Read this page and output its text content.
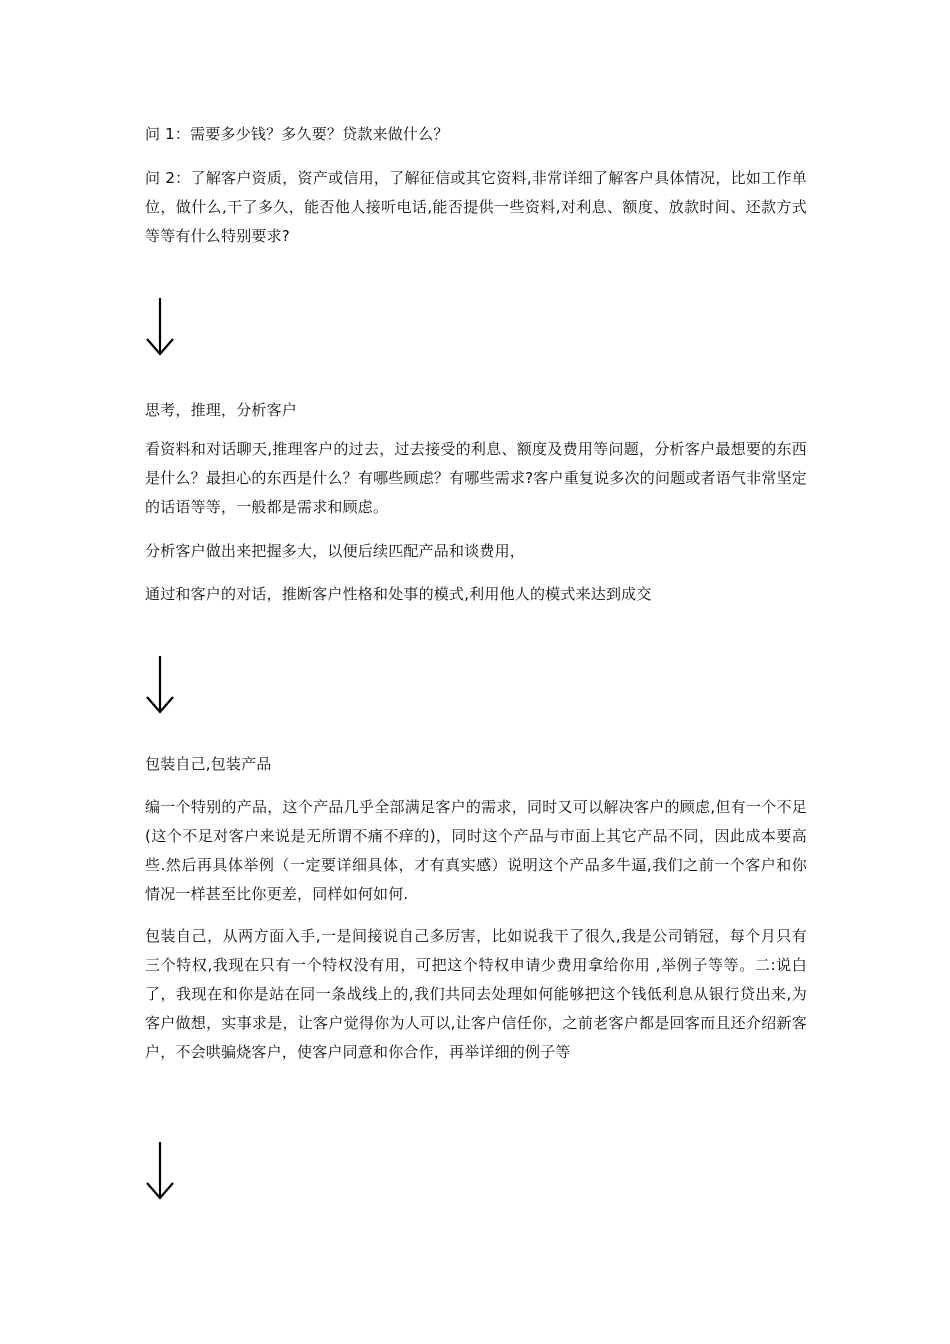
问 1：需要多少钱？多久要？贷款来做什么？

问 2：了解客户资质，资产或信用，了解征信或其它资料,非常详细了解客户具体情况，比如工作单位，做什么,干了多久，能否他人接听电话,能否提供一些资料,对利息、额度、放款时间、还款方式等等有什么特别要求?

思考，推理，分析客户

看资料和对话聊天,推理客户的过去，过去接受的利息、额度及费用等问题，分析客户最想要的东西是什么？最担心的东西是什么？有哪些顾虑？有哪些需求?客户重复说多次的问题或者语气非常坚定的话语等等，一般都是需求和顾虑。

分析客户做出来把握多大，以便后续匹配产品和谈费用，

通过和客户的对话，推断客户性格和处事的模式,利用他人的模式来达到成交

包装自己,包装产品

编一个特别的产品，这个产品几乎全部满足客户的需求，同时又可以解决客户的顾虑,但有一个不足(这个不足对客户来说是无所谓不痛不痒的)，同时这个产品与市面上其它产品不同，因此成本要高些.然后再具体举例（一定要详细具体，才有真实感）说明这个产品多牛逼,我们之前一个客户和你情况一样甚至比你更差，同样如何如何.

包装自己，从两方面入手,一是间接说自己多厉害，比如说我干了很久,我是公司销冠，每个月只有三个特权,我现在只有一个特权没有用，可把这个特权申请少费用拿给你用 ,举例子等等。二:说白了，我现在和你是站在同一条战线上的,我们共同去处理如何能够把这个钱低利息从银行贷出来,为客户做想，实事求是，让客户觉得你为人可以,让客户信任你，之前老客户都是回客而且还介绍新客户，不会哄骗烧客户，使客户同意和你合作，再举详细的例子等
